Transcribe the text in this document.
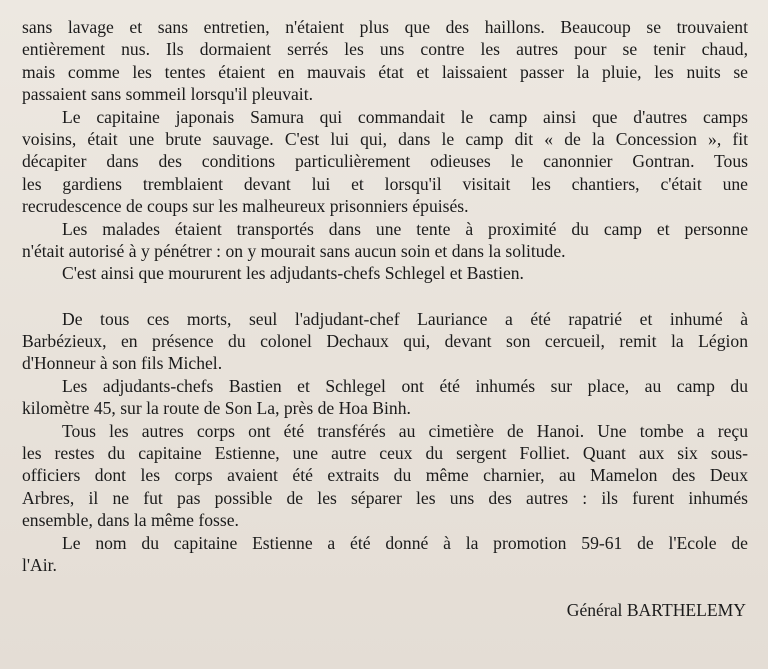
sans lavage et sans entretien, n'étaient plus que des haillons. Beaucoup se trouvaient
entièrement nus. Ils dormaient serrés les uns contre les autres pour se tenir chaud,
mais comme les tentes étaient en mauvais état et laissaient passer la pluie, les nuits se
passaient sans sommeil lorsqu'il pleuvait.
Le capitaine japonais Samura qui commandait le camp ainsi que d'autres camps
voisins, était une brute sauvage. C'est lui qui, dans le camp dit « de la Concession », fit
décapiter dans des conditions particulièrement odieuses le canonnier Gontran. Tous
les gardiens tremblaient devant lui et lorsqu'il visitait les chantiers, c'était une
recrudescence de coups sur les malheureux prisonniers épuisés.
Les malades étaient transportés dans une tente à proximité du camp et personne
n'était autorisé à y pénétrer : on y mourait sans aucun soin et dans la solitude.
C'est ainsi que moururent les adjudants-chefs Schlegel et Bastien.
De tous ces morts, seul l'adjudant-chef Lauriance a été rapatrié et inhumé à
Barbézieux, en présence du colonel Dechaux qui, devant son cercueil, remit la Légion
d'Honneur à son fils Michel.
Les adjudants-chefs Bastien et Schlegel ont été inhumés sur place, au camp du
kilomètre 45, sur la route de Son La, près de Hoa Binh.
Tous les autres corps ont été transférés au cimetière de Hanoi. Une tombe a reçu
les restes du capitaine Estienne, une autre ceux du sergent Folliet. Quant aux six sous-
officiers dont les corps avaient été extraits du même charnier, au Mamelon des Deux
Arbres, il ne fut pas possible de les séparer les uns des autres : ils furent inhumés
ensemble, dans la même fosse.
Le nom du capitaine Estienne a été donné à la promotion 59-61 de l'Ecole de
l'Air.
Général BARTHELEMY
